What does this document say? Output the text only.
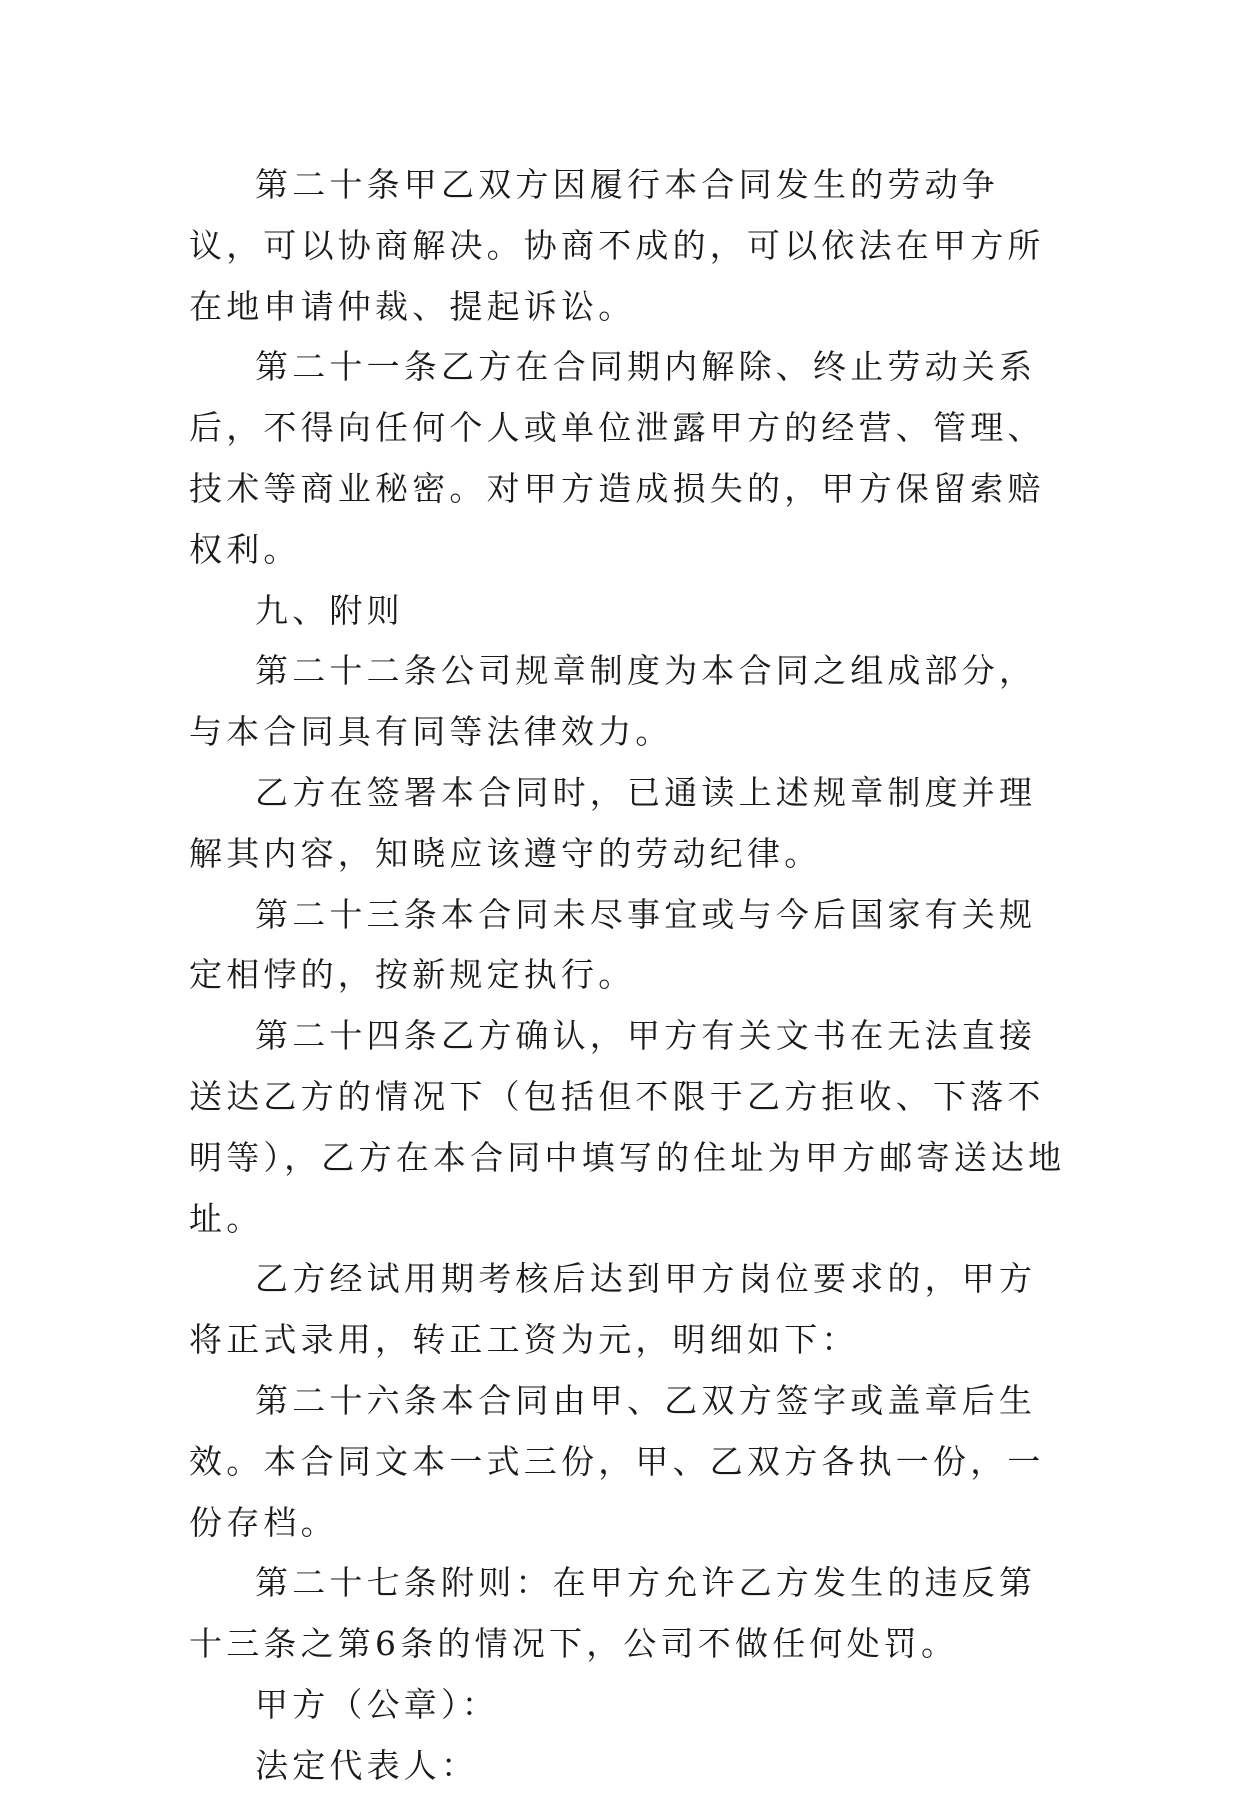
第二十条甲乙双方因履行本合同发生的劳动争议，可以协商解决。协商不成的，可以依法在甲方所在地申请仲裁、提起诉讼。

第二十一条乙方在合同期内解除、终止劳动关系后，不得向任何个人或单位泄露甲方的经营、管理、技术等商业秘密。对甲方造成损失的，甲方保留索赔权利。

九、附则

第二十二条公司规章制度为本合同之组成部分，与本合同具有同等法律效力。

乙方在签署本合同时，已通读上述规章制度并理解其内容，知晓应该遵守的劳动纪律。

第二十三条本合同未尽事宜或与今后国家有关规定相悖的，按新规定执行。

第二十四条乙方确认，甲方有关文书在无法直接送达乙方的情况下（包括但不限于乙方拒收、下落不明等），乙方在本合同中填写的住址为甲方邮寄送达地址。

乙方经试用期考核后达到甲方岗位要求的，甲方将正式录用，转正工资为元，明细如下：

第二十六条本合同由甲、乙双方签字或盖章后生效。本合同文本一式三份，甲、乙双方各执一份，一份存档。

第二十七条附则：在甲方允许乙方发生的违反第十三条之第6条的情况下，公司不做任何处罚。

甲方（公章）：

法定代表人：
